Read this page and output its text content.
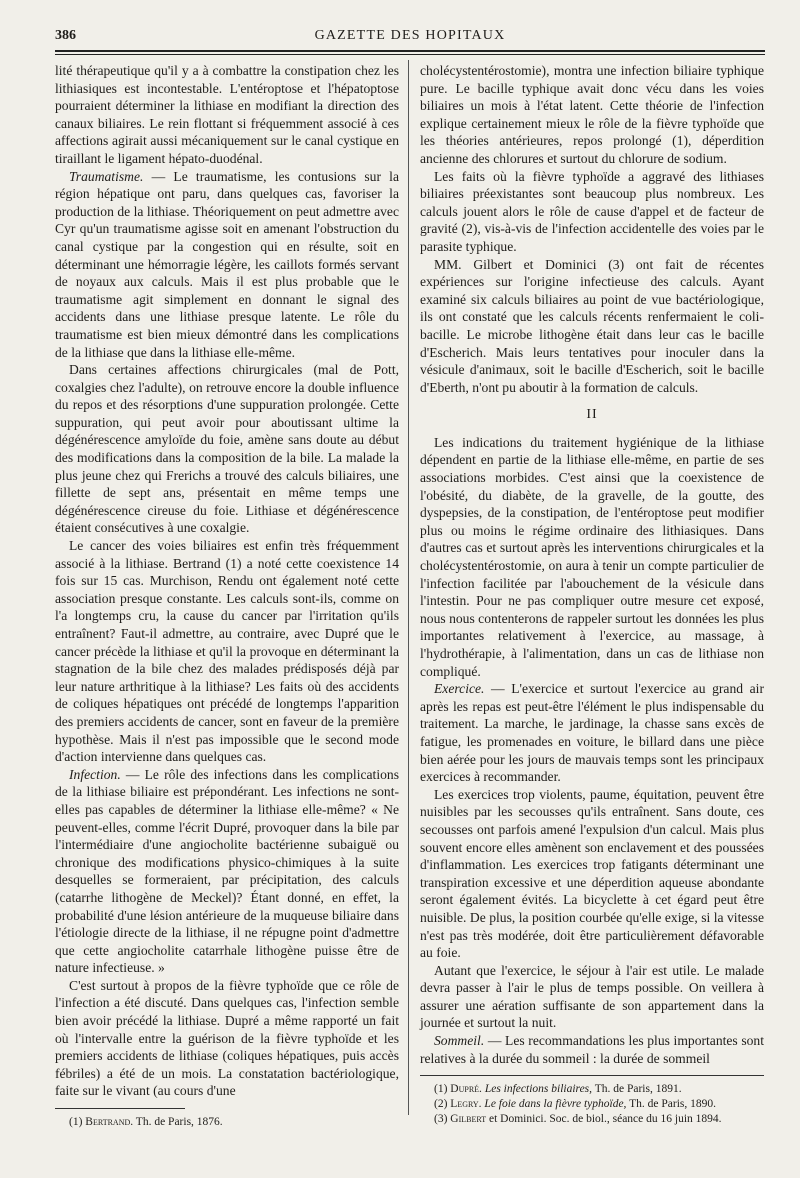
386	GAZETTE DES HOPITAUX

lité thérapeutique qu'il y a à combattre la constipation chez les lithiasiques est incontestable. L'entéroptose et l'hépatoptose pourraient déterminer la lithiase en modifiant la direction des canaux biliaires. Le rein flottant si fréquemment associé à ces affections agirait aussi mécaniquement sur le canal cystique en tiraillant le ligament hépato-duodénal.

Traumatisme. — Le traumatisme, les contusions sur la région hépatique ont paru, dans quelques cas, favoriser la production de la lithiase. Théoriquement on peut admettre avec Cyr qu'un traumatisme agisse soit en amenant l'obstruction du canal cystique par la congestion qui en résulte, soit en déterminant une hémorragie légère, les caillots formés servant de noyaux aux calculs. Mais il est plus probable que le traumatisme agit simplement en donnant le signal des accidents dans une lithiase presque latente. Le rôle du traumatisme est bien mieux démontré dans les complications de la lithiase que dans la lithiase elle-même.

Dans certaines affections chirurgicales (mal de Pott, coxalgies chez l'adulte), on retrouve encore la double influence du repos et des résorptions d'une suppuration prolongée. Cette suppuration, qui peut avoir pour aboutissant ultime la dégénérescence amyloïde du foie, amène sans doute au début des modifications dans la composition de la bile. La malade la plus jeune chez qui Frerichs a trouvé des calculs biliaires, une fillette de sept ans, présentait en même temps une dégénérescence cireuse du foie. Lithiase et dégénérescence étaient consécutives à une coxalgie.

Le cancer des voies biliaires est enfin très fréquemment associé à la lithiase. Bertrand (1) a noté cette coexistence 14 fois sur 15 cas. Murchison, Rendu ont également noté cette association presque constante. Les calculs sont-ils, comme on l'a longtemps cru, la cause du cancer par l'irritation qu'ils entraînent? Faut-il admettre, au contraire, avec Dupré que le cancer précède la lithiase et qu'il la provoque en déterminant la stagnation de la bile chez des malades prédisposés déjà par leur nature arthritique à la lithiase? Les faits où des accidents de coliques hépatiques ont précédé de longtemps l'apparition des premiers accidents de cancer, sont en faveur de la première hypothèse. Mais il n'est pas impossible que le second mode d'action intervienne dans quelques cas.

Infection. — Le rôle des infections dans les complications de la lithiase biliaire est prépondérant. Les infections ne sont-elles pas capables de déterminer la lithiase elle-même? « Ne peuvent-elles, comme l'écrit Dupré, provoquer dans la bile par l'intermédiaire d'une angiocholite bactérienne subaiguë ou chronique des modifications physico-chimiques à la suite desquelles se formeraient, par précipitation, des calculs (catarrhe lithogène de Meckel)? Étant donné, en effet, la probabilité d'une lésion antérieure de la muqueuse biliaire dans l'étiologie directe de la lithiase, il ne répugne point d'admettre que cette angiocholite catarrhale lithogène puisse être de nature infectieuse. »

C'est surtout à propos de la fièvre typhoïde que ce rôle de l'infection a été discuté. Dans quelques cas, l'infection semble bien avoir précédé la lithiase. Dupré a même rapporté un fait où l'intervalle entre la guérison de la fièvre typhoïde et les premiers accidents de lithiase (coliques hépatiques, puis accès fébriles) a été de un mois. La constatation bactériologique, faite sur le vivant (au cours d'une

(1) Bertrand. Th. de Paris, 1876.

cholécystentérostomie), montra une infection biliaire typhique pure. Le bacille typhique avait donc vécu dans les voies biliaires un mois à l'état latent. Cette théorie de l'infection explique certainement mieux le rôle de la fièvre typhoïde que les théories antérieures, repos prolongé (1), déperdition ancienne des chlorures et surtout du chlorure de sodium.

Les faits où la fièvre typhoïde a aggravé des lithiases biliaires préexistantes sont beaucoup plus nombreux. Les calculs jouent alors le rôle de cause d'appel et de facteur de gravité (2), vis-à-vis de l'infection accidentelle des voies par le parasite typhique.

MM. Gilbert et Dominici (3) ont fait de récentes expériences sur l'origine infectieuse des calculs. Ayant examiné six calculs biliaires au point de vue bactériologique, ils ont constaté que les calculs récents renfermaient le coli-bacille. Le microbe lithogène était dans leur cas le bacille d'Escherich. Mais leurs tentatives pour inoculer dans la vésicule d'animaux, soit le bacille d'Escherich, soit le bacille d'Eberth, n'ont pu aboutir à la formation de calculs.

II

Les indications du traitement hygiénique de la lithiase dépendent en partie de la lithiase elle-même, en partie de ses associations morbides. C'est ainsi que la coexistence de l'obésité, du diabète, de la gravelle, de la goutte, des dyspepsies, de la constipation, de l'entéroptose peut modifier plus ou moins le régime ordinaire des lithiasiques. Dans d'autres cas et surtout après les interventions chirurgicales et la cholécystentérostomie, on aura à tenir un compte particulier de l'infection facilitée par l'abouchement de la vésicule dans l'intestin. Pour ne pas compliquer outre mesure cet exposé, nous nous contenterons de rappeler surtout les données les plus importantes relativement à l'exercice, au massage, à l'hydrothérapie, à l'alimentation, dans un cas de lithiase non compliqué.

Exercice. — L'exercice et surtout l'exercice au grand air après les repas est peut-être l'élément le plus indispensable du traitement. La marche, le jardinage, la chasse sans excès de fatigue, les promenades en voiture, le billard dans une pièce bien aérée pour les jours de mauvais temps sont les principaux exercices à recommander.

Les exercices trop violents, paume, équitation, peuvent être nuisibles par les secousses qu'ils entraînent. Sans doute, ces secousses ont parfois amené l'expulsion d'un calcul. Mais plus souvent encore elles amènent son enclavement et des poussées d'inflammation. Les exercices trop fatigants déterminant une transpiration excessive et une déperdition aqueuse abondante seront également évités. La bicyclette à cet égard peut être nuisible. De plus, la position courbée qu'elle exige, si la vitesse n'est pas très modérée, doit être particulièrement défavorable au foie.

Autant que l'exercice, le séjour à l'air est utile. Le malade devra passer à l'air le plus de temps possible. On veillera à assurer une aération suffisante de son appartement dans la journée et surtout la nuit.

Sommeil. — Les recommandations les plus importantes sont relatives à la durée du sommeil : la durée de sommeil

(1) Dupré. Les infections biliaires, Th. de Paris, 1891.

(2) Legry. Le foie dans la fièvre typhoïde, Th. de Paris, 1890.

(3) Gilbert et Dominici. Soc. de biol., séance du 16 juin 1894.
